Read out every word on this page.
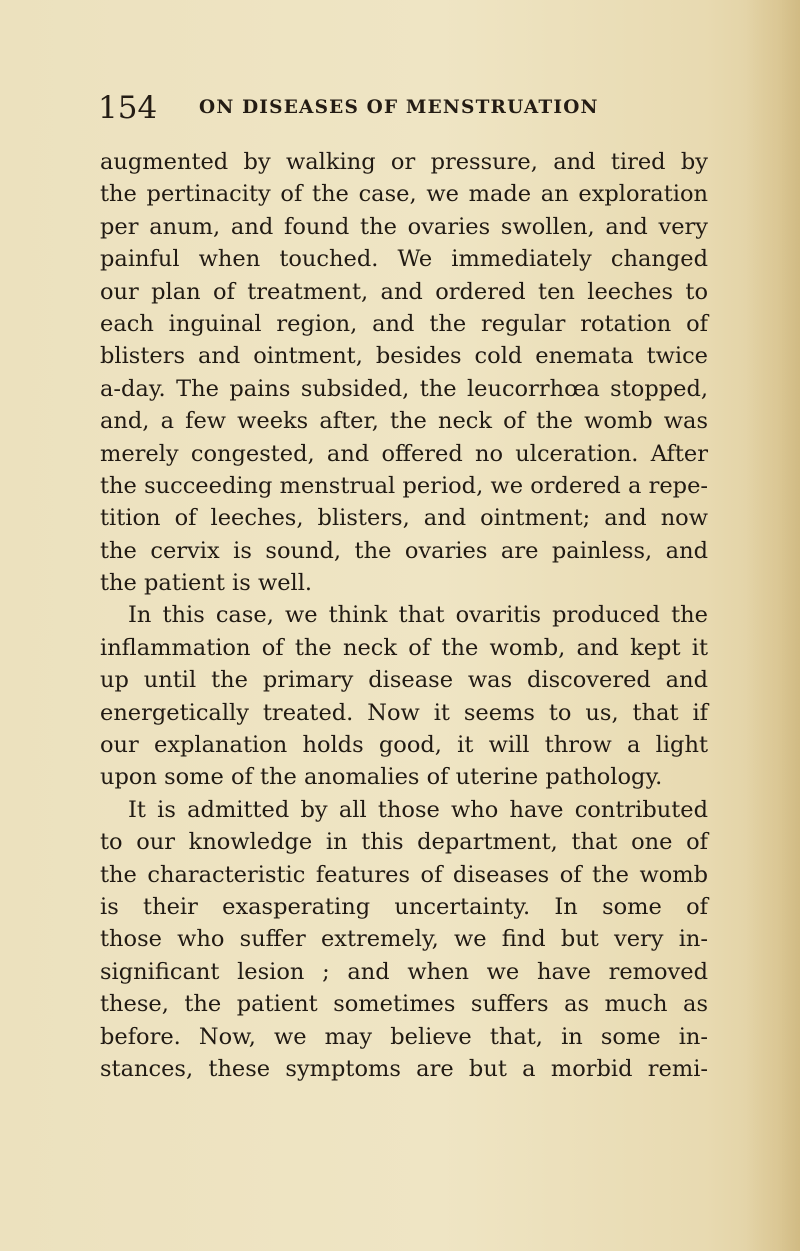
154 ON DISEASES OF MENSTRUATION
augmented by walking or pressure, and tired by
the pertinacity of the case, we made an exploration
per anum, and found the ovaries swollen, and very
painful when touched. We immediately changed
our plan of treatment, and ordered ten leeches to
each inguinal region, and the regular rotation of
blisters and ointment, besides cold enemata twice
a-day. The pains subsided, the leucorrhœa stopped,
and, a few weeks after, the neck of the womb was
merely congested, and offered no ulceration. After
the succeeding menstrual period, we ordered a repe-
tition of leeches, blisters, and ointment; and now
the cervix is sound, the ovaries are painless, and
the patient is well.
In this case, we think that ovaritis produced the
inflammation of the neck of the womb, and kept it
up until the primary disease was discovered and
energetically treated. Now it seems to us, that if
our explanation holds good, it will throw a light
upon some of the anomalies of uterine pathology.
It is admitted by all those who have contributed
to our knowledge in this department, that one of
the characteristic features of diseases of the womb
is their exasperating uncertainty. In some of
those who suffer extremely, we find but very in-
significant lesion ; and when we have removed
these, the patient sometimes suffers as much as
before. Now, we may believe that, in some in-
stances, these symptoms are but a morbid remi-
